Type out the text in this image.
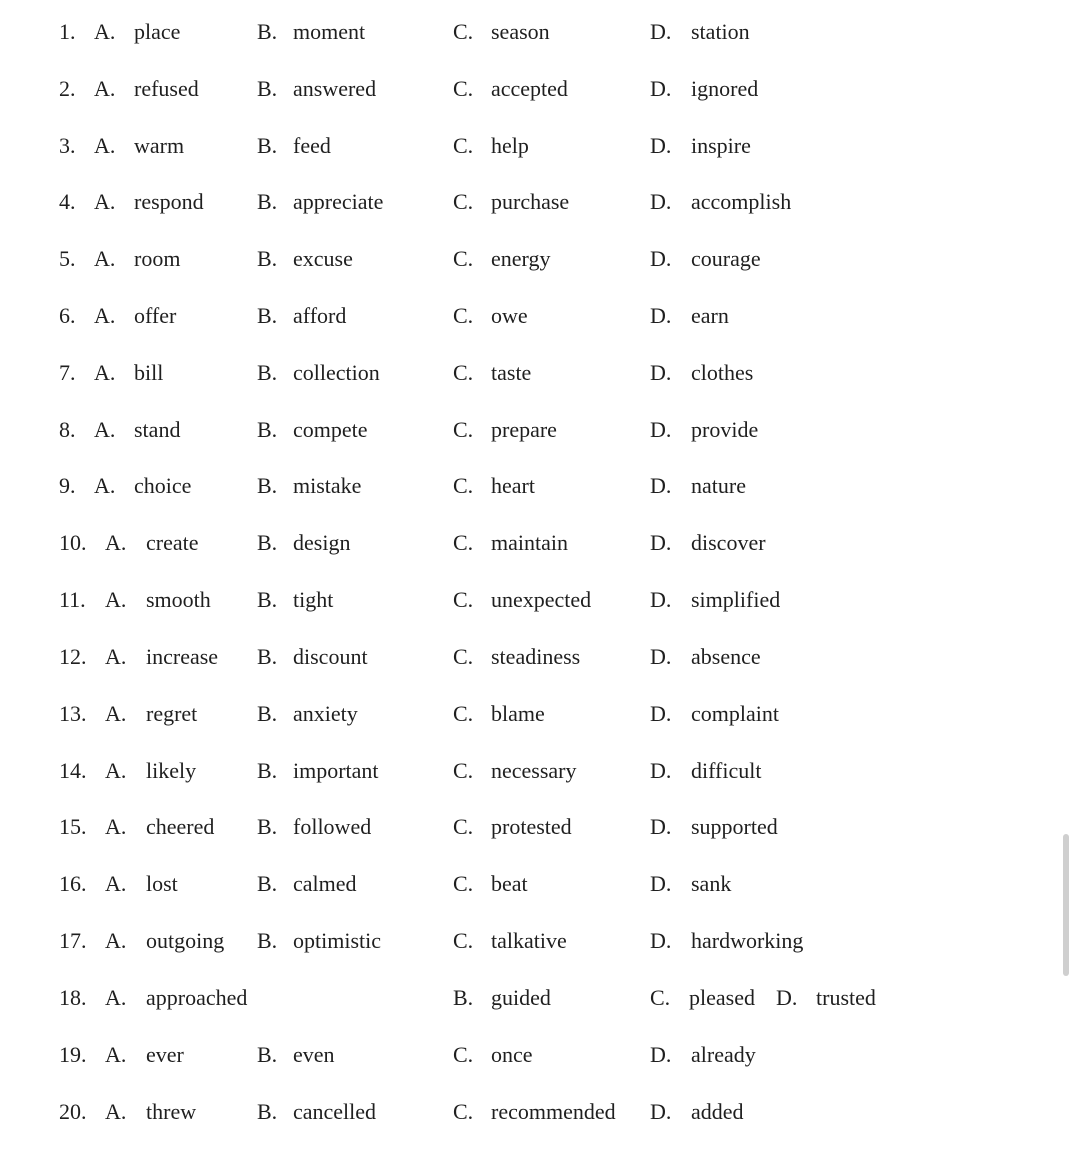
1. A. place	B. moment	C. season	D. station
2. A. refused	B. answered	C. accepted	D. ignored
3. A. warm	B. feed	C. help	D. inspire
4. A. respond B. appreciate	C. purchase	D. accomplish
5. A. room	B. excuse	C. energy	D. courage
6. A. offer	B. afford	C. owe	D. earn
7. A. bill	B. collection	C. taste	D. clothes
8. A. stand	B. compete	C. prepare	D. provide
9. A. choice	B. mistake	C. heart	D. nature
10. A. create	B. design	C. maintain	D. discover
11. A. smooth B. tight	C. unexpected	D. simplified
12. A. increase B. discount	C. steadiness	D. absence
13. A. regret	B. anxiety	C. blame	D. complaint
14. A. likely	B. important	C. necessary	D. difficult
15. A. cheered B. followed	C. protested	D. supported
16. A. lost	B. calmed	C. beat	D. sank
17. A. outgoing B. optimistic	C. talkative	D. hardworking
18. A. approached	B. guided	C. pleased D. trusted
19. A. ever	B. even	C. once	D. already
20. A. threw	B. cancelled	C. recommended D. added
